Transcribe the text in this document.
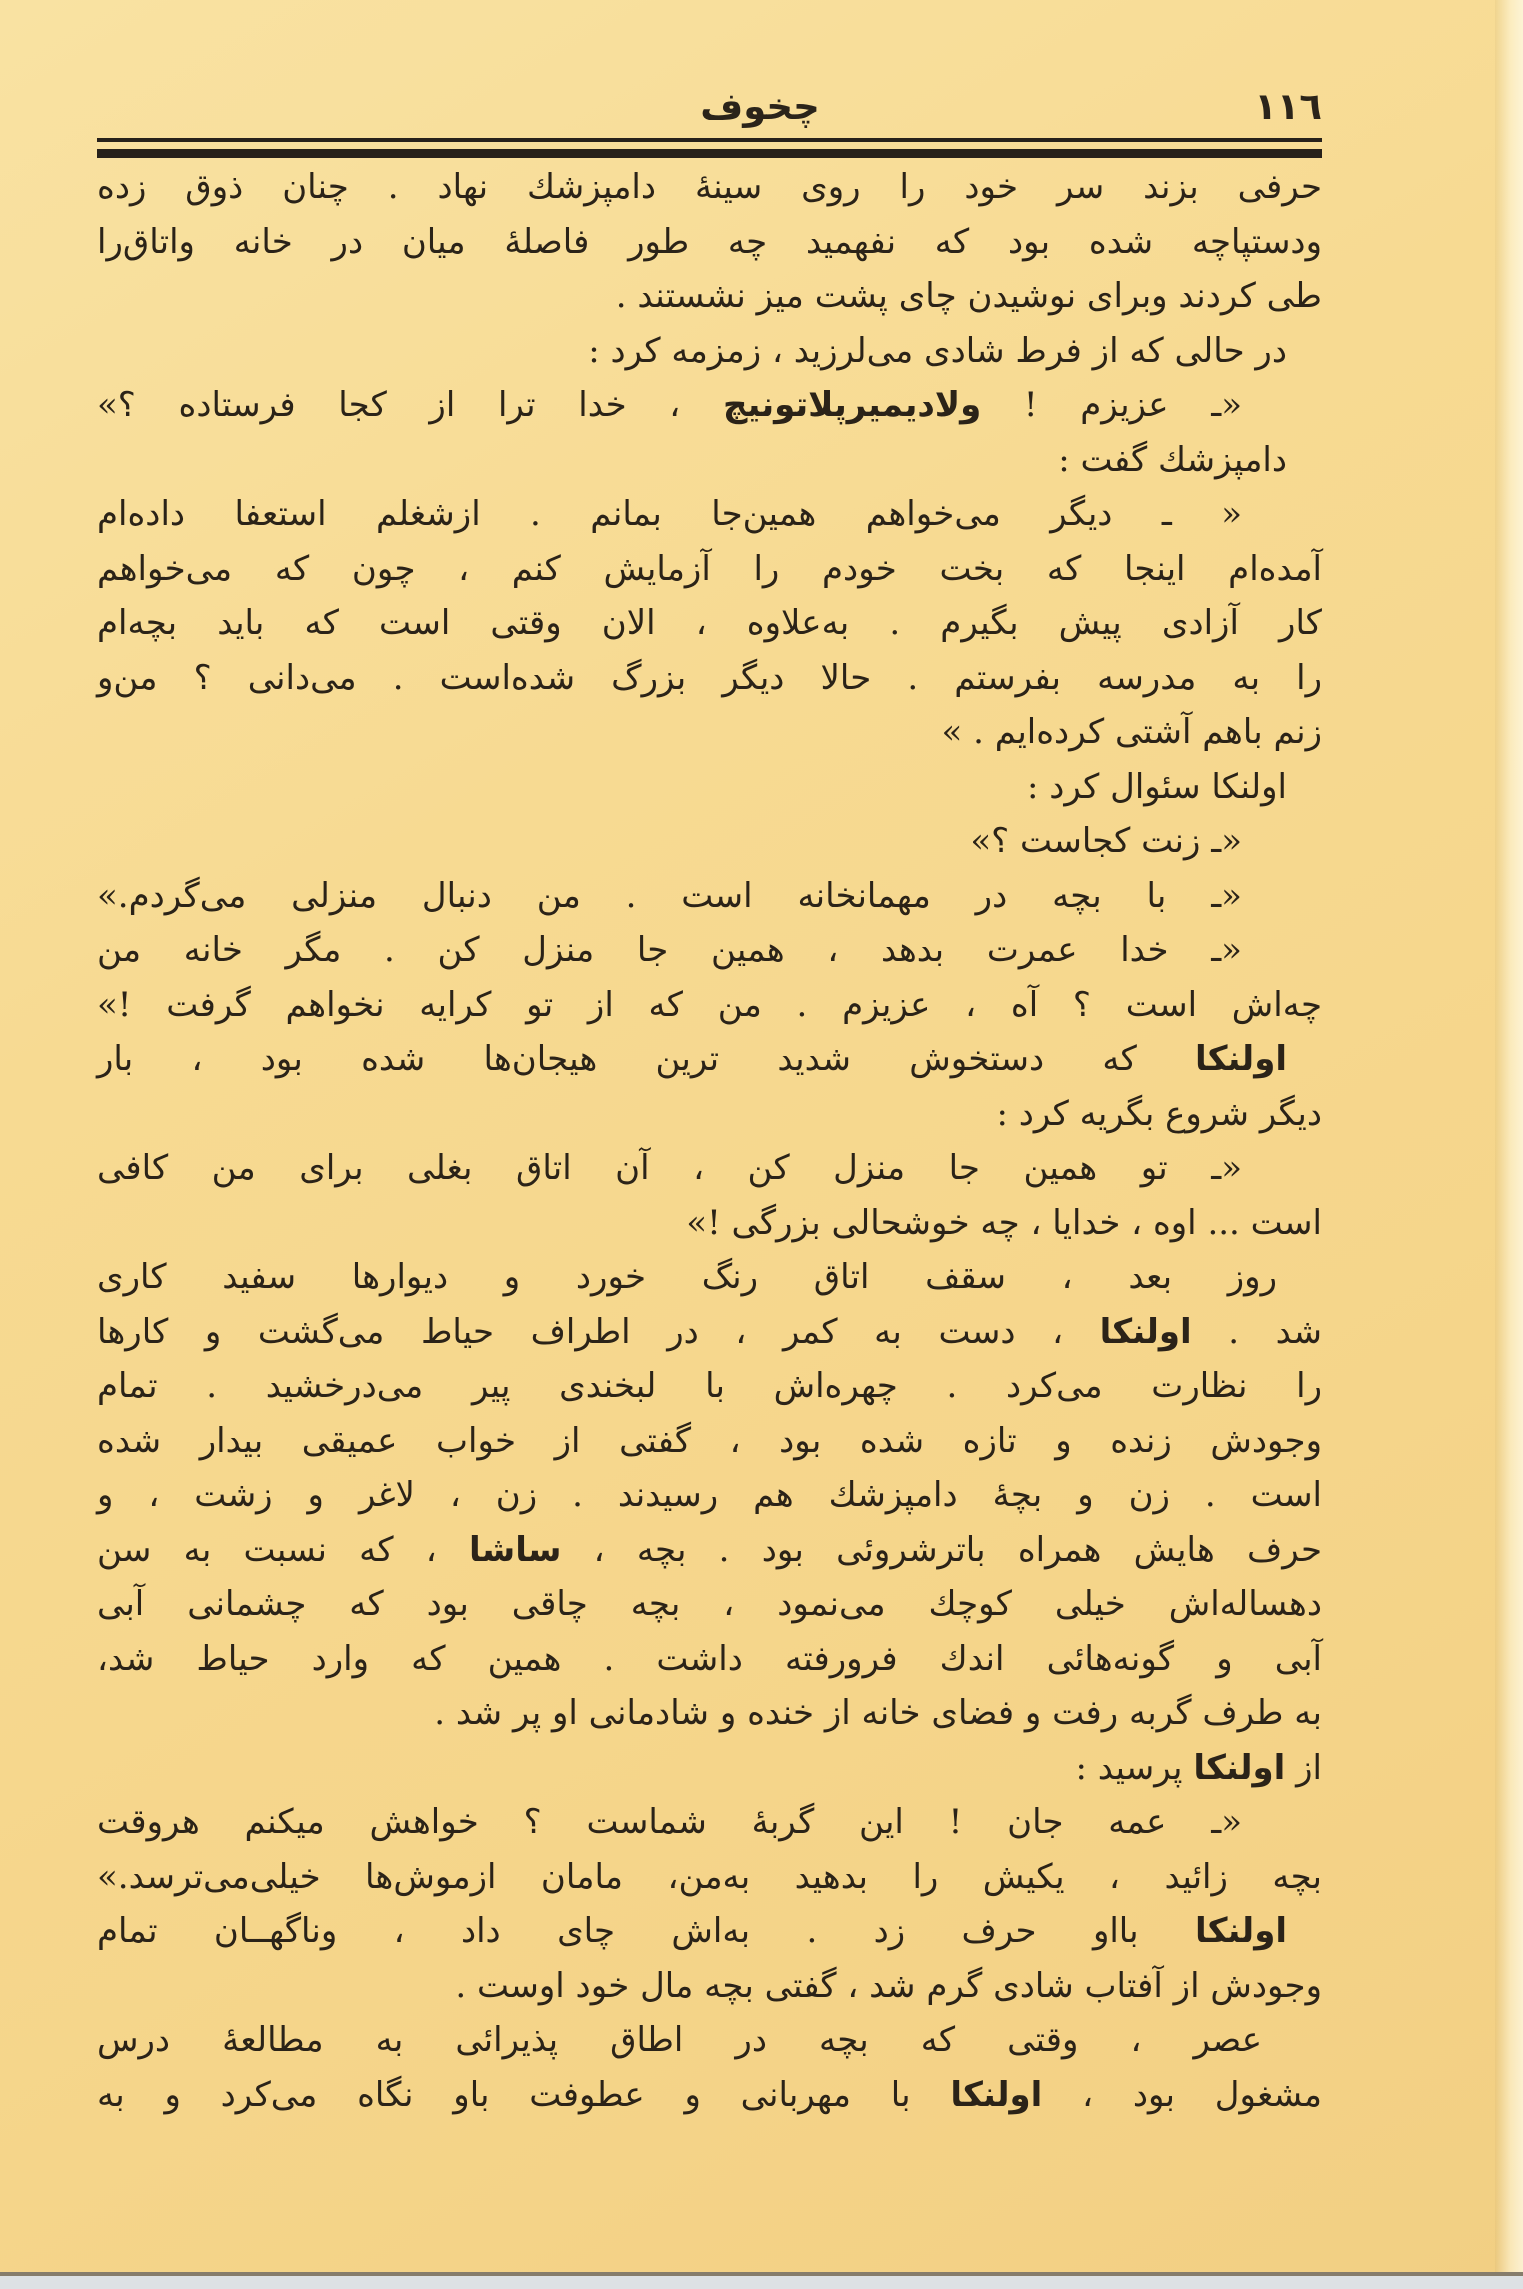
١١٦
چخوف
حرفی بزند سر خود را روی سینهٔ دامپزشك نهاد . چنان ذوق زده
ودستپاچه شده بود که نفهمید چه طور فاصلهٔ میان در خانه واتاق‌را
طی کردند وبرای نوشیدن چای پشت میز نشستند .
در حالی که از فرط شادی می‌لرزید ، زمزمه کرد :
«ـ عزیزم ! ولادیمیرپلاتونیچ ، خدا ترا از کجا فرستاده ؟»
دامپزشك گفت :
« ـ دیگر می‌خواهم همین‌جا بمانم . ازشغلم استعفا داده‌ام
آمده‌ام اینجا که بخت خودم را آزمایش کنم ، چون که می‌خواهم
کار آزادی پیش بگیرم . به‌علاوه ، الان وقتی است که باید بچه‌ام
را به مدرسه بفرستم . حالا دیگر بزرگ شده‌است . می‌دانی ؟ من‌و
زنم باهم آشتی کرده‌ایم . »
اولنکا سئوال کرد :
«ـ زنت کجاست ؟»
«ـ با بچه در مهمانخانه است . من دنبال منزلی می‌گردم.»
«ـ خدا عمرت بدهد ، همین جا منزل کن . مگر خانه من
چه‌اش است ؟ آه ، عزیزم . من که از تو کرایه نخواهم گرفت !»
اولنکا که دستخوش شدید ترین هیجان‌ها شده بود ، بار
دیگر شروع بگریه کرد :
«ـ تو همین جا منزل کن ، آن اتاق بغلی برای من کافی
است ... اوه ، خدایا ، چه خوشحالی بزرگی !»
روز بعد ، سقف اتاق رنگ خورد و دیوارها سفید کاری
شد . اولنکا ، دست به کمر ، در اطراف حیاط می‌گشت و کارها
را نظارت می‌کرد . چهره‌اش با لبخندی پیر می‌درخشید . تمام
وجودش زنده و تازه شده بود ، گفتی از خواب عمیقی بیدار شده
است . زن و بچهٔ دامپزشك هم رسیدند . زن ، لاغر و زشت ، و
حرف هایش همراه باترشروئی بود . بچه ، ساشا ، که نسبت به سن
دهساله‌اش خیلی کوچك می‌نمود ، بچه چاقی بود که چشمانی آبی
آبی و گونه‌هائی اندك فرورفته داشت . همین که وارد حیاط شد،
به طرف گربه رفت و فضای خانه از خنده و شادمانی او پر شد .
از اولنکا پرسید :
«ـ عمه جان ! این گربهٔ شماست ؟ خواهش میکنم هروقت
بچه زائید ، یکیش را بدهید به‌من، مامان ازموش‌ها خیلی‌می‌ترسد.»
اولنکا بااو حرف زد . به‌اش چای داد ، وناگهــان تمام
وجودش از آفتاب شادی گرم شد ، گفتی بچه مال خود اوست .
عصر ، وقتی که بچه در اطاق پذیرائی به مطالعهٔ درس
مشغول بود ، اولنکا با مهربانی و عطوفت باو نگاه می‌کرد و به
